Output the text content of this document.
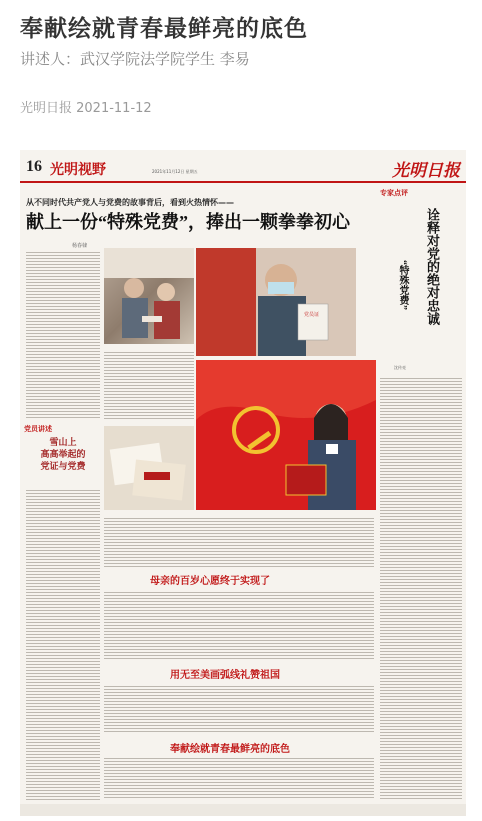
奉献绘就青春最鲜亮的底色
讲述人：武汉学院法学院学生 李易
光明日报 2021-11-12
16 光明视野	2021年11月12日 星期五	光明日报
从不同时代共产党人与党费的故事背后，看到火热情怀——
献上一份“特殊党费”，捧出一颗拳拳初心
杨春棣
党员证
专家点评
诠释对党的绝对忠诚
“特殊党费”
沈传亮
党员讲述
雪山上
高高举起的
党证与党费
母亲的百岁心愿终于实现了
用无至美画弧线礼赞祖国
奉献绘就青春最鲜亮的底色
